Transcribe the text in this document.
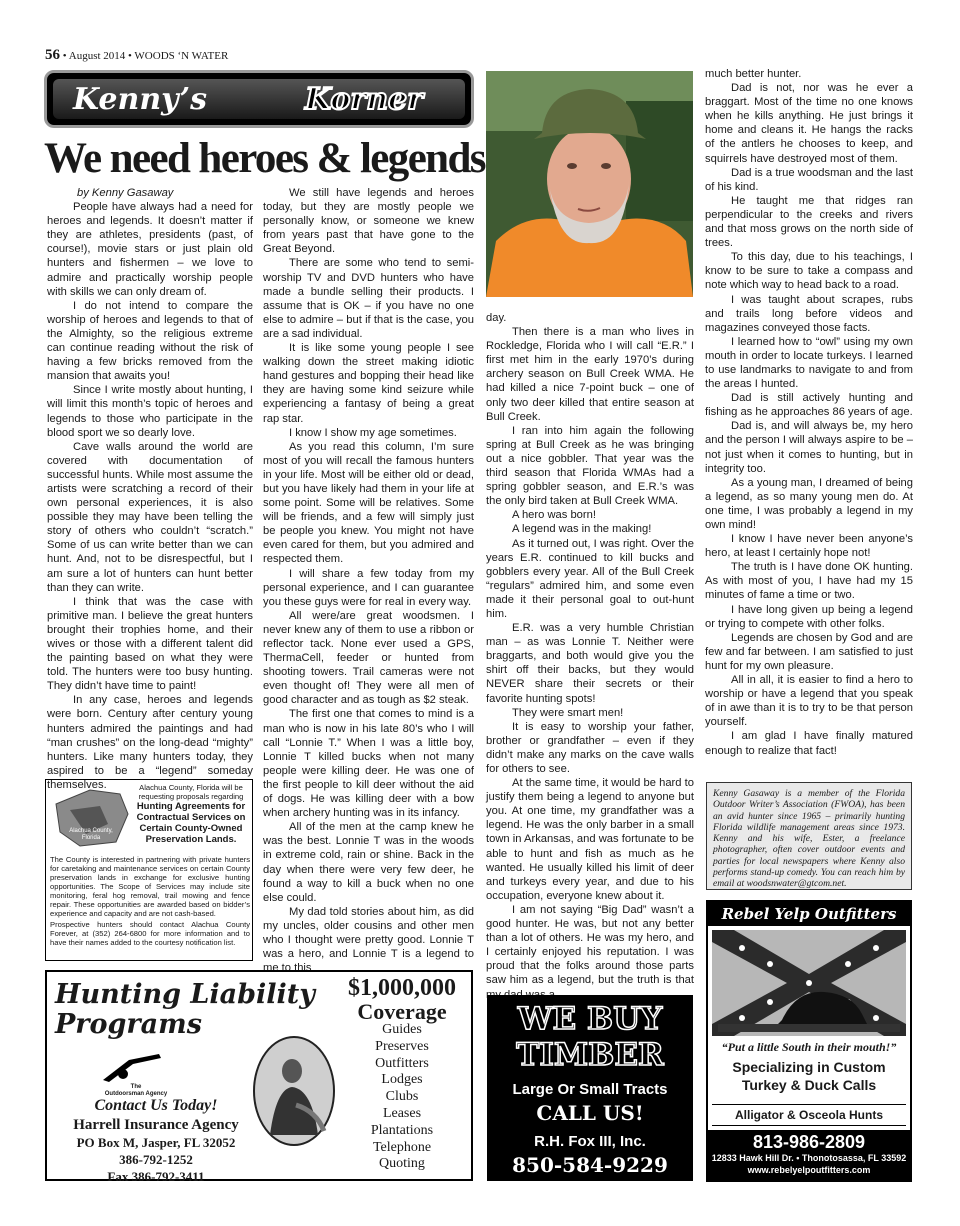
56 • August 2014 • WOODS ‘N WATER
Kenny’s	Korner
We need heroes & legends

by Kenny Gasaway

People have always had a need for heroes and legends. It doesn’t matter if they are athletes, presidents (past, of course!), movie stars or just plain old hunters and fishermen – we love to admire and practically worship people with skills we can only dream of.

I do not intend to compare the worship of heroes and legends to that of the Almighty, so the religious extreme can continue reading without the risk of having a few bricks removed from the mansion that awaits you!

Since I write mostly about hunting, I will limit this month’s topic of heroes and legends to those who participate in the blood sport we so dearly love.

Cave walls around the world are covered with documentation of successful hunts. While most assume the artists were scratching a record of their own personal experiences, it is also possible they may have been telling the story of others who couldn’t “scratch.” Some of us can write better than we can hunt. And, not to be disrespectful, but I am sure a lot of hunters can hunt better than they can write.

I think that was the case with primitive man. I believe the great hunters brought their trophies home, and their wives or those with a different talent did the painting based on what they were told. The hunters were too busy hunting. They didn’t have time to paint!

In any case, heroes and legends were born. Century after century young hunters admired the paintings and had “man crushes” on the long-dead “mighty” hunters. Like many hunters today, they aspired to be a “legend” someday themselves.

We still have legends and heroes today, but they are mostly people we personally know, or someone we knew from years past that have gone to the Great Beyond.

There are some who tend to semi-worship TV and DVD hunters who have made a bundle selling their products. I assume that is OK – if you have no one else to admire – but if that is the case, you are a sad individual.

It is like some young people I see walking down the street making idiotic hand gestures and bopping their head like they are having some kind seizure while experiencing a fantasy of being a great rap star.

I know I show my age sometimes.

As you read this column, I’m sure most of you will recall the famous hunters in your life. Most will be either old or dead, but you have likely had them in your life at some point. Some will be relatives. Some will be friends, and a few will simply just be people you knew. You might not have even cared for them, but you admired and respected them.

I will share a few today from my personal experience, and I can guarantee you these guys were for real in every way.

All were/are great woodsmen. I never knew any of them to use a ribbon or reflector tack. None ever used a GPS, ThermaCell, feeder or hunted from shooting towers. Trail cameras were not even thought of! They were all men of good character and as tough as $2 steak.

The first one that comes to mind is a man who is now in his late 80’s who I will call “Lonnie T.” When I was a little boy, Lonnie T killed bucks when not many people were killing deer. He was one of the first people to kill deer without the aid of dogs. He was killing deer with a bow when archery hunting was in its infancy.

All of the men at the camp knew he was the best. Lonnie T was in the woods in extreme cold, rain or shine. Back in the day when there were very few deer, he found a way to kill a buck when no one else could.

My dad told stories about him, as did my uncles, older cousins and other men who I thought were pretty good. Lonnie T was a hero, and Lonnie T is a legend to me to this

day.

Then there is a man who lives in Rockledge, Florida who I will call “E.R.” I first met him in the early 1970’s during archery season on Bull Creek WMA. He had killed a nice 7-point buck – one of only two deer killed that entire season at Bull Creek.

I ran into him again the following spring at Bull Creek as he was bringing out a nice gobbler. That year was the third season that Florida WMAs had a spring gobbler season, and E.R.’s was the only bird taken at Bull Creek WMA.

A hero was born!

A legend was in the making!

As it turned out, I was right. Over the years E.R. continued to kill bucks and gobblers every year. All of the Bull Creek “regulars” admired him, and some even made it their personal goal to out-hunt him.

E.R. was a very humble Christian man – as was Lonnie T. Neither were braggarts, and both would give you the shirt off their backs, but they would NEVER share their secrets or their favorite hunting spots!

They were smart men!

It is easy to worship your father, brother or grandfather – even if they didn’t make any marks on the cave walls for others to see.

At the same time, it would be hard to justify them being a legend to anyone but you. At one time, my grandfather was a legend. He was the only barber in a small town in Arkansas, and was fortunate to be able to hunt and fish as much as he wanted. He usually killed his limit of deer and turkeys every year, and due to his occupation, everyone knew about it.

I am not saying “Big Dad” wasn’t a good hunter. He was, but not any better than a lot of others. He was my hero, and I certainly enjoyed his reputation. I was proud that the folks around those parts saw him as a legend, but the truth is that

much better hunter.

Dad is not, nor was he ever a braggart. Most of the time no one knows when he kills anything. He just brings it home and cleans it. He hangs the racks of the antlers he chooses to keep, and squirrels have destroyed most of them.

Dad is a true woodsman and the last of his kind.

He taught me that ridges ran perpendicular to the creeks and rivers and that moss grows on the north side of trees.

To this day, due to his teachings, I know to be sure to take a compass and note which way to head back to a road.

I was taught about scrapes, rubs and trails long before videos and magazines conveyed those facts.

I learned how to “owl” using my own mouth in order to locate turkeys. I learned to use landmarks to navigate to and from the areas I hunted.

Dad is still actively hunting and fishing as he approaches 86 years of age.

Dad is, and will always be, my hero and the person I will always aspire to be – not just when it comes to hunting, but in integrity too.

As a young man, I dreamed of being a legend, as so many young men do. At one time, I was probably a legend in my own mind!

I know I have never been anyone’s hero, at least I certainly hope not!

The truth is I have done OK hunting. As with most of you, I have had my 15 minutes of fame a time or two.

I have long given up being a legend or trying to compete with other folks.

Legends are chosen by God and are few and far between. I am satisfied to just hunt for my own pleasure.

All in all, it is easier to find a hero to worship or have a legend that you speak of in awe than it is to try to be that person yourself.

I am glad I have finally matured enough to realize that fact!

Alachua County, Florida
Alachua County, Florida will be
requesting proposals regarding
Hunting Agreements for Contractual Services on Certain County-Owned Preservation Lands.

The County is interested in partnering with private hunters for caretaking and maintenance services on certain County preservation lands in exchange for exclusive hunting opportunities. The Scope of Services may include site monitoring, feral hog removal, trail mowing and fence repair. These opportunities are awarded based on bidder’s experience and capacity and are not cash-based.

Prospective hunters should contact Alachua County Forever, at (352) 264-6800 for more information and to have their names added to the courtesy notification list.

Kenny Gasaway is a member of the Florida Outdoor Writer’s Association (FWOA), has been an avid hunter since 1965 – primarily hunting Florida wildlife management areas since 1973. Kenny and his wife, Ester, a freelance photographer, often cover outdoor events and parties for local newspapers where Kenny also performs stand-up comedy. You can reach him by email at woodsnwater@gtcom.net.
Hunting Liability
Programs
$1,000,000
Coverage
Guides
Preserves
Outfitters
Lodges
Clubs
Leases
Plantations
Telephone
Quoting
The
Outdoorsman Agency
Contact Us Today!
Harrell Insurance Agency
PO Box M, Jasper, FL 32052
386-792-1252
Fax 386-792-3411
WE BUY
TIMBER
Large Or Small Tracts
CALL US!
R.H. Fox III, Inc.
850-584-9229
Rebel Yelp Outfitters
“Put a little South in their mouth!”
Specializing in Custom Turkey & Duck Calls
Alligator & Osceola Hunts
813-986-2809
12833 Hawk Hill Dr. • Thonotosassa, FL 33592
www.rebelyelpoutfitters.com
